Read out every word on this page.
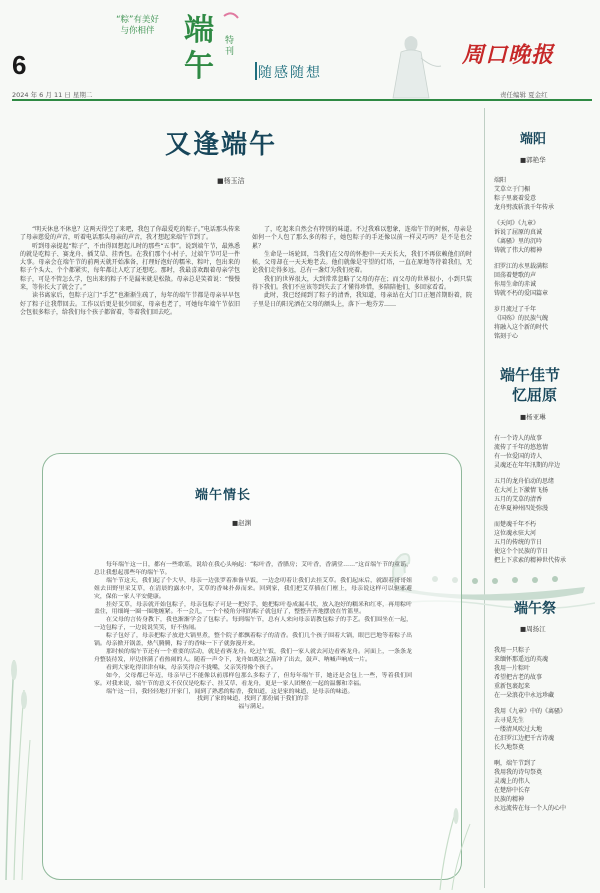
6
“粽”有美好
与你相伴 端
午
特刊
随感随想
周口晚报
2024 年 6 月 11 日 星期二	责任编辑 夏金红
又逢端午
■杨玉洁
“明天休息不休息？这两天得空了来吧，我包了你最爱吃的粽子。”电话那头传来了母亲慈爱的声音，听着电话那头母亲的声音，我才想起来端午节到了。
听到母亲提起“粽子”，不由得回想起儿时的那些“五事”。说到端午节，最熟悉的就是吃粽子、赛龙舟、插艾草、挂香包。在我们那个小村子，过端午节可是一件大事。母亲会在端午节的前两天就开始准备，打理好泡好的糯米、粽叶，包出来的粽子个头大、个个都紧实，每年都让人吃了还想吃。那时，我最喜欢跟着母亲学包粽子，可是不管怎么学，包出来的粽子不是漏米就是松散。母亲总是笑着说：“慢慢来，等你长大了就会了。”
读书离家后，包粽子这门“手艺”也渐渐生疏了，每年的端午节都是母亲早早包好了粽子让我带回去。工作以后更是很少回家，母亲也老了，可她每年端午节依旧会包很多粽子，给我们每个孩子都留着，等着我们回去吃。
了，吃起来自然会有特别的味道。不过我难以想象，连端午节的时候，母亲是如何一个人包了那么多的粽子，她包粽子的手还像以前一样灵巧吗？是不是也会累？
生命是一场轮回，当我们在父母的怀抱中一天天长大，我们不再依赖他们的时候，父母却在一天天地老去。他们就像是守望的灯塔，一直在原地等待着我们，无论我们走得多远，总有一盏灯为我们亮着。
我们的世界很大，大到常常忽略了父母的存在；而父母的世界很小，小到只装得下我们。我们不应该等到失去了才懂得珍惜，多陪陪他们，多回家看看。
此时，我已经闻到了粽子的清香，我知道，母亲站在大门口正翘首期盼着，院子里是日的阳光洒在父母的额头上，落下一地芬芳……
端阳
■郭艳华
端阳
艾草立于门楣
粽子里裹着爱意
龙舟劈波斩浪千年传承
《天问》《九章》
诉说了屈原的真诚
《离骚》里的沉吟
铸就了伟大的精神
汨罗江的水里载满粽
回荡着楚歌的声
你用生命的赤诚
铸就不朽的爱国篇章
岁月流过了千年
《国殇》的民族气魄
将融入这个新的时代
铭刻于心
端午佳节
忆屈原
■杨亚琳
有一个诗人的故事
流传了千年的悠悠情
有一位爱国的诗人
灵魂还在年年汛期的岸边
五月的龙舟伯动的思绪
在大河上下激情飞扬
五月的艾草的清香
在华夏神州四处弥漫
而楚魂千年不朽
这位魂永驻大河
五月的传统的节日
使这个个民族的节日
把上下求索的精神世代传承
端午祭
■周扬江
我用一只粽子
来缅怀那遥远的英魂
我用一片粽叶
希望把古老的故事
重新包裹起来
在一朵浪花中永远珍藏
我用《九章》中的《离骚》
去寻觅先生
一缕清风吹过大地
在汨罗江边把千古诗魂
长久地祭奠
啊，端午节到了
我用我的诗句祭奠
灵魂上的伟人
在楚辞中长存
民族的精神
永远流传在每一个人的心中
端午情长
■赵渊
每年端午这一日，都有一些歌谣，说给在我心头响起：“粽叶香，香腊房；艾叶香，香满堂……”这首端午节的童谣，总让我想起那些年的端午节。
端午节这天，我们起了个大早，母亲一边张罗着准备早饭，一边念叨着让我们去挂艾草。我们起床后，就跟着哥哥姐姐去田野里采艾草，在清晨的露水中，艾草的香味扑鼻而来。回到家，我们把艾草插在门框上，母亲说这样可以驱邪避灾，保佑一家人平安健康。
挂好艾草，母亲就开始包粽子，母亲包粽子可是一把好手，她把粽叶卷成漏斗状，放入泡好的糯米和红枣，再用粽叶盖住，用细绳一圈一圈地缠紧。不一会儿，一个个棱角分明的粽子就包好了，整整齐齐地摆放在竹篮里。
在父母的言传身教下，我也渐渐学会了包粽子。每到端午节，总有人来向母亲请教包粽子的手艺。我们围坐在一起，一边包粽子，一边说说笑笑，好不热闹。
粽子包好了，母亲把粽子放进大锅里煮，整个院子都飘着粽子的清香。我们几个孩子围着大锅，眼巴巴地等着粽子出锅。母亲掀开锅盖，热气腾腾，粽子的香味一下子就弥漫开来。
那时候的端午节还有一个重要的活动，就是看赛龙舟。吃过午饭，我们一家人就去河边看赛龙舟。河面上，一条条龙舟整装待发，岸边挤满了看热闹的人。随着一声令下，龙舟如离弦之箭冲了出去，鼓声、呐喊声响成一片。
看到大家吃得津津有味，母亲笑得合不拢嘴，父亲笑得像个孩子。
如今，父母都已年迈，母亲早已不能像以前那样包那么多粽子了，但每年端午节，她还是会包上一些，等着我们回家。对我来说，端午节的意义不仅仅是吃粽子、挂艾草、看龙舟，更是一家人团聚在一起的温馨和幸福。
端午这一日，我轻轻地打开家门，闻到了熟悉的粽香，我知道，这是家的味道，是母亲的味道。
找到了家的味道，找到了那份属于我们的幸
福与满足。
